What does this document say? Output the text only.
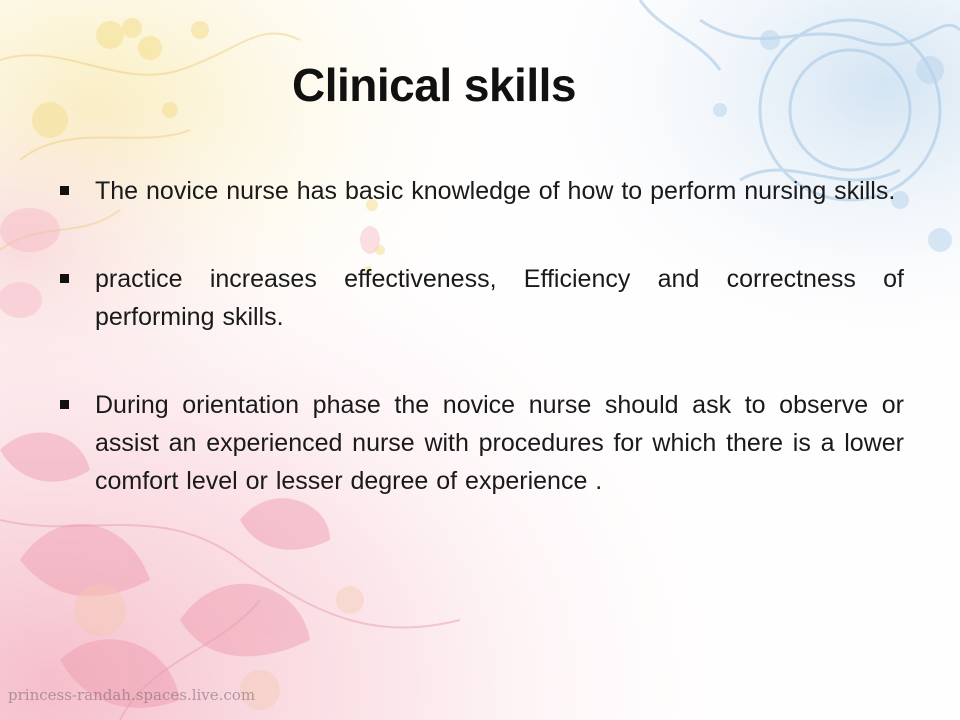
Clinical skills
The novice nurse has basic knowledge of how to perform nursing skills.
practice increases effectiveness, Efficiency and correctness of performing skills.
During orientation phase the novice nurse should ask to observe or assist an experienced nurse with procedures for which there is a lower comfort level or lesser degree of experience .
princess-randah.spaces.live.com
